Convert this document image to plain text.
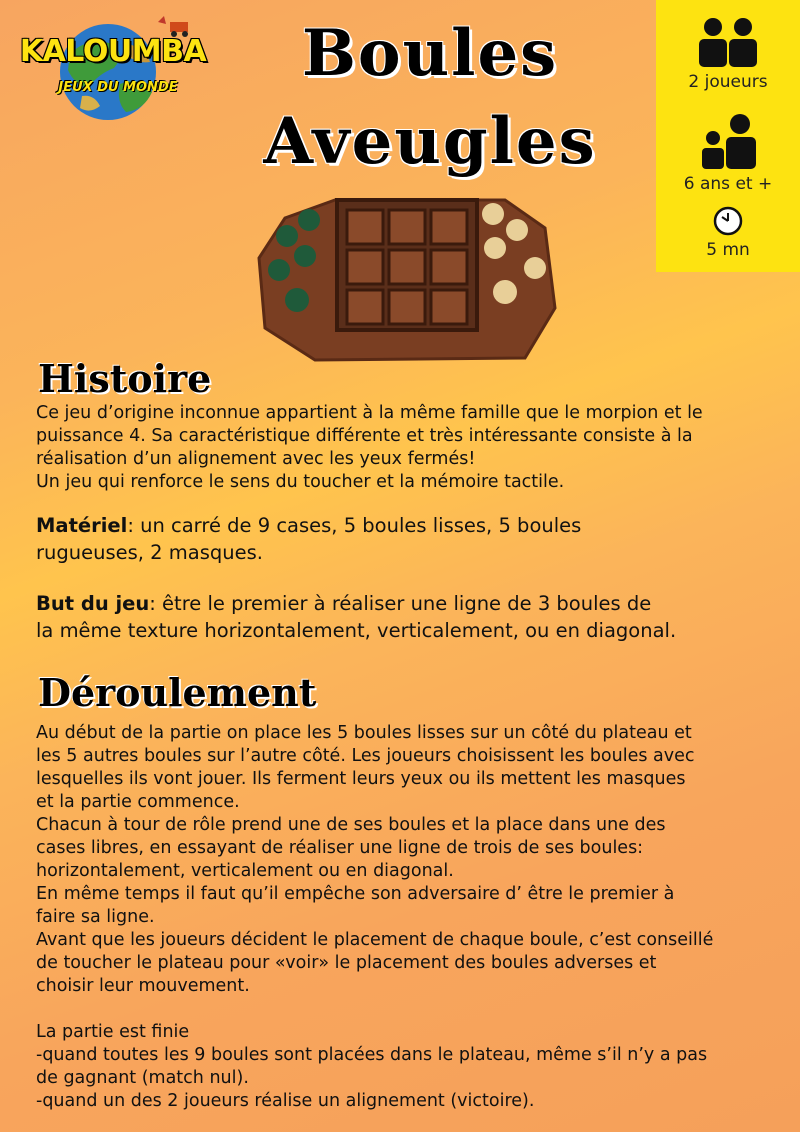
KALOUMBA
JEUX DU MONDE	Boules
Aveugles
2 joueurs
6 ans et +
5 mn
Histoire
Ce jeu d’origine inconnue appartient à la même famille que le morpion et le
puissance 4. Sa caractéristique différente et très intéressante consiste à la
réalisation d’un alignement avec les yeux fermés!
Un jeu qui renforce le sens du toucher et la mémoire tactile.
Matériel: un carré de 9 cases, 5 boules lisses, 5 boules
rugueuses, 2 masques.
But du jeu: être le premier à réaliser une ligne de 3 boules de
la même texture horizontalement, verticalement, ou en diagonal.
Déroulement
Au début de la partie on place les 5 boules lisses sur un côté du plateau et
les 5 autres boules sur l’autre côté. Les joueurs choisissent les boules avec
lesquelles ils vont jouer. Ils ferment leurs yeux ou ils mettent les masques
et la partie commence.
Chacun à tour de rôle prend une de ses boules et la place dans une des
cases libres, en essayant de réaliser une ligne de trois de ses boules:
horizontalement, verticalement ou en diagonal.
En même temps il faut qu’il empêche son adversaire d’ être le premier à
faire sa ligne.
Avant que les joueurs décident le placement de chaque boule, c’est conseillé
de toucher le plateau pour «voir» le placement des boules adverses et
choisir leur mouvement.

La partie est finie
-quand toutes les 9 boules sont placées dans le plateau, même s’il n’y a pas
de gagnant (match nul).
-quand un des 2 joueurs réalise un alignement (victoire).
